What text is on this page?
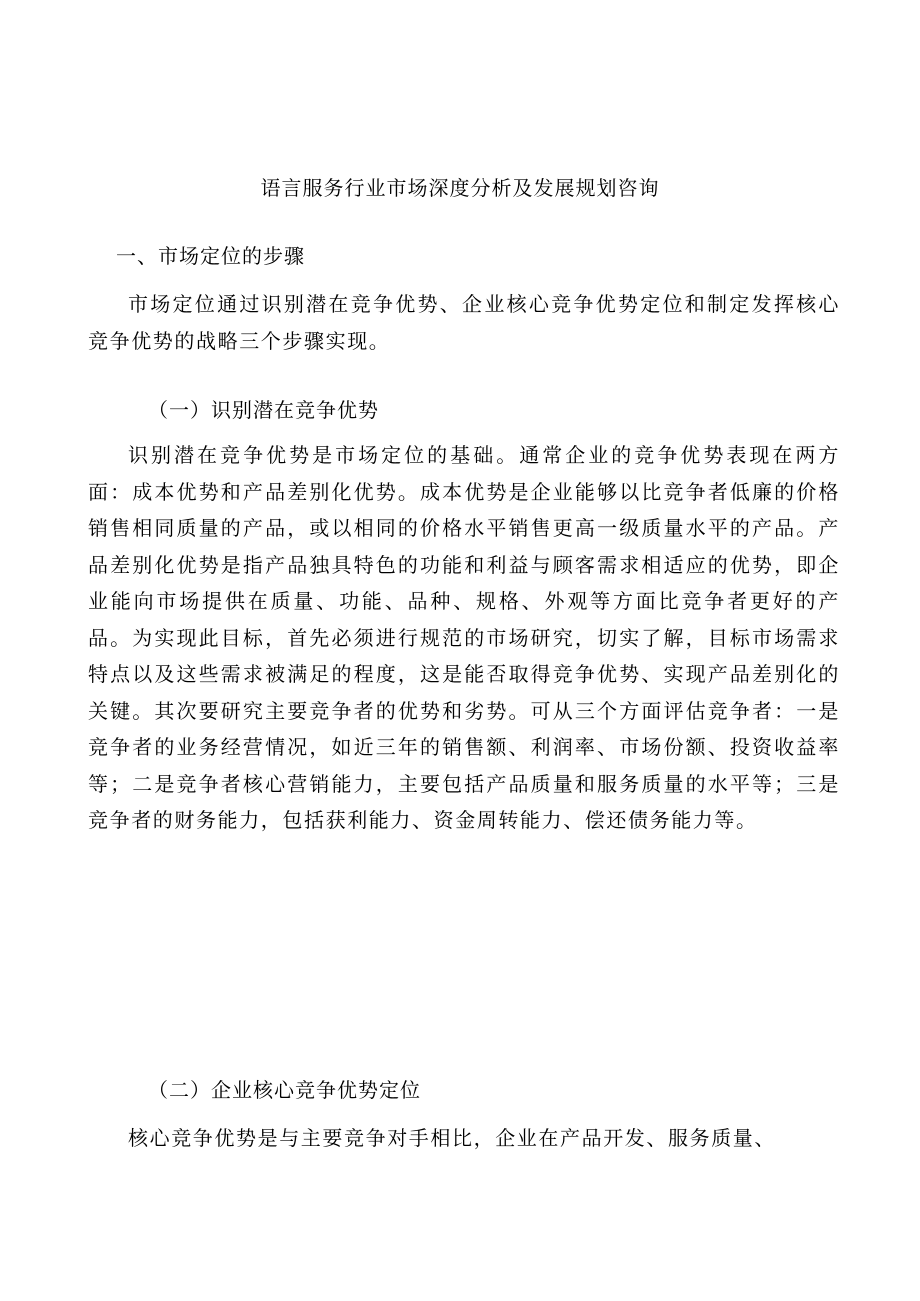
语言服务行业市场深度分析及发展规划咨询
一、市场定位的步骤

市场定位通过识别潜在竞争优势、企业核心竞争优势定位和制定发挥核心竞争优势的战略三个步骤实现。

（一）识别潜在竞争优势

识别潜在竞争优势是市场定位的基础。通常企业的竞争优势表现在两方面：成本优势和产品差别化优势。成本优势是企业能够以比竞争者低廉的价格销售相同质量的产品，或以相同的价格水平销售更高一级质量水平的产品。产品差别化优势是指产品独具特色的功能和利益与顾客需求相适应的优势，即企业能向市场提供在质量、功能、品种、规格、外观等方面比竞争者更好的产品。为实现此目标，首先必须进行规范的市场研究，切实了解，目标市场需求特点以及这些需求被满足的程度，这是能否取得竞争优势、实现产品差别化的关键。其次要研究主要竞争者的优势和劣势。可从三个方面评估竞争者：一是竞争者的业务经营情况，如近三年的销售额、利润率、市场份额、投资收益率等；二是竞争者核心营销能力，主要包括产品质量和服务质量的水平等；三是竞争者的财务能力，包括获利能力、资金周转能力、偿还债务能力等。

（二）企业核心竞争优势定位

核心竞争优势是与主要竞争对手相比，企业在产品开发、服务质量、
